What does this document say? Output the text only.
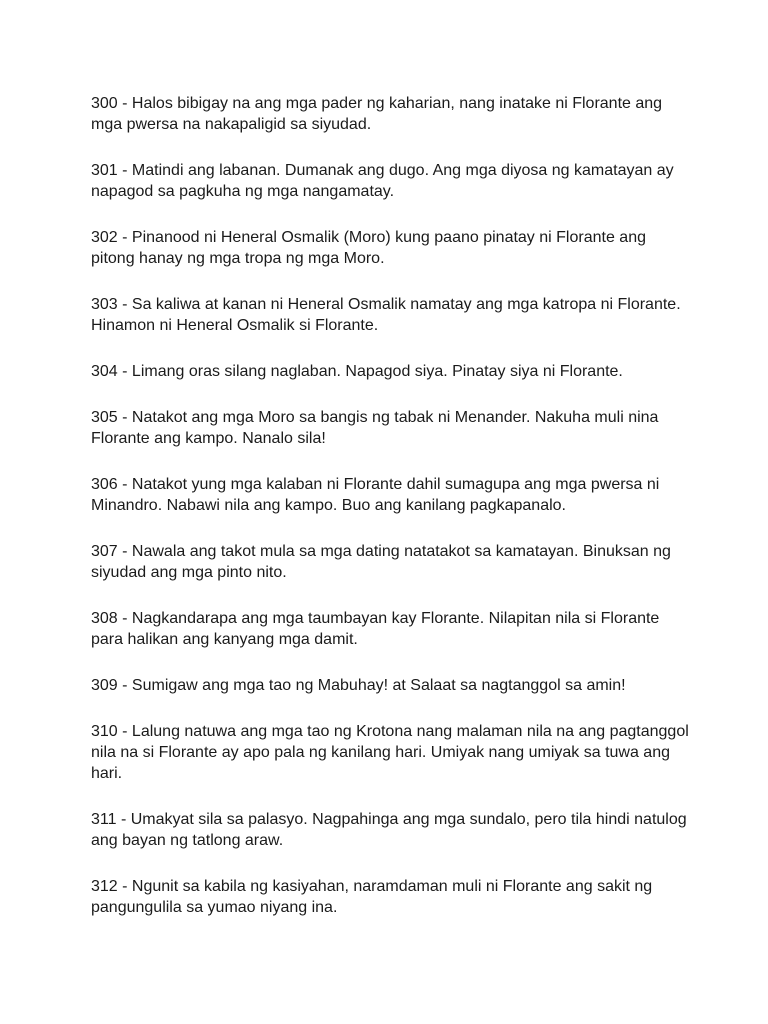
300 - Halos bibigay na ang mga pader ng kaharian, nang inatake ni Florante ang mga pwersa na nakapaligid sa siyudad.

301 - Matindi ang labanan. Dumanak ang dugo. Ang mga diyosa ng kamatayan ay napagod sa pagkuha ng mga nangamatay.

302 - Pinanood ni Heneral Osmalik (Moro) kung paano pinatay ni Florante ang pitong hanay ng mga tropa ng mga Moro.

303 - Sa kaliwa at kanan ni Heneral Osmalik namatay ang mga katropa ni Florante. Hinamon ni Heneral Osmalik si Florante.

304 - Limang oras silang naglaban. Napagod siya. Pinatay siya ni Florante.

305 - Natakot ang mga Moro sa bangis ng tabak ni Menander. Nakuha muli nina Florante ang kampo. Nanalo sila!

306 - Natakot yung mga kalaban ni Florante dahil sumagupa ang mga pwersa ni Minandro. Nabawi nila ang kampo. Buo ang kanilang pagkapanalo.

307 - Nawala ang takot mula sa mga dating natatakot sa kamatayan. Binuksan ng siyudad ang mga pinto nito.

308 - Nagkandarapa ang mga taumbayan kay Florante. Nilapitan nila si Florante para halikan ang kanyang mga damit.

309 - Sumigaw ang mga tao ng Mabuhay! at Salaat sa nagtanggol sa amin!

310 - Lalung natuwa ang mga tao ng Krotona nang malaman nila na ang pagtanggol nila na si Florante ay apo pala ng kanilang hari. Umiyak nang umiyak sa tuwa ang hari.

311 - Umakyat sila sa palasyo. Nagpahinga ang mga sundalo, pero tila hindi natulog ang bayan ng tatlong araw.

312 - Ngunit sa kabila ng kasiyahan, naramdaman muli ni Florante ang sakit ng pangungulila sa yumao niyang ina.
